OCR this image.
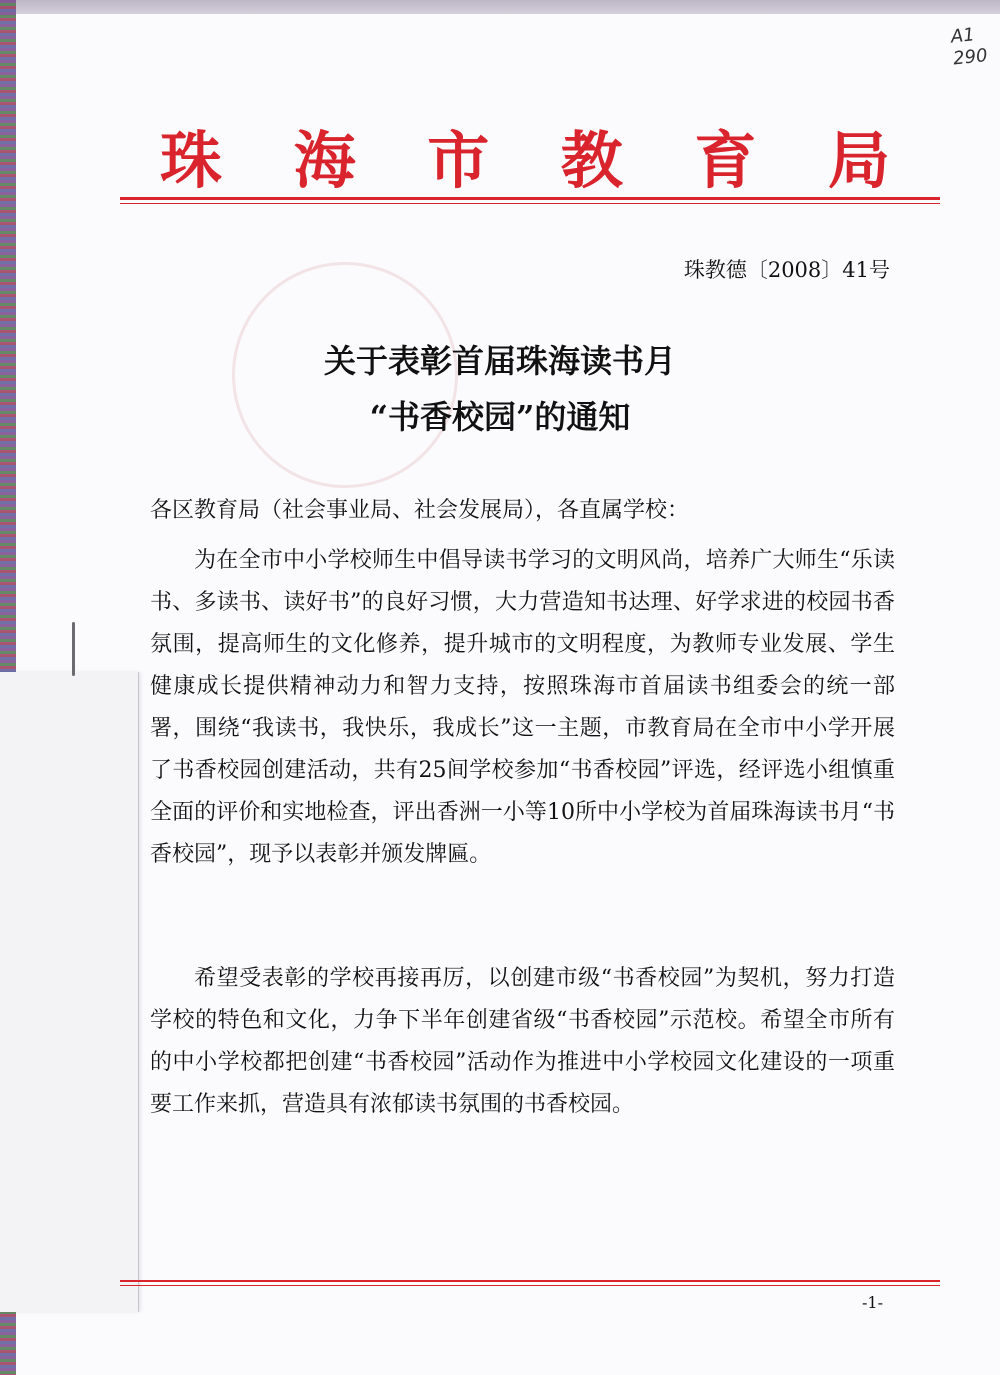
A1
290
珠 海 市 教 育 局
珠教德〔2008〕41号
关于表彰首届珠海读书月
“书香校园”的通知
各区教育局（社会事业局、社会发展局），各直属学校：
为在全市中小学校师生中倡导读书学习的文明风尚，培养广大师生“乐读书、多读书、读好书”的良好习惯，大力营造知书达理、好学求进的校园书香氛围，提高师生的文化修养，提升城市的文明程度，为教师专业发展、学生健康成长提供精神动力和智力支持，按照珠海市首届读书组委会的统一部署，围绕“我读书，我快乐，我成长”这一主题，市教育局在全市中小学开展了书香校园创建活动，共有25间学校参加“书香校园”评选，经评选小组慎重全面的评价和实地检查，评出香洲一小等10所中小学校为首届珠海读书月“书香校园”，现予以表彰并颁发牌匾。
希望受表彰的学校再接再厉，以创建市级“书香校园”为契机，努力打造学校的特色和文化，力争下半年创建省级“书香校园”示范校。希望全市所有的中小学校都把创建“书香校园”活动作为推进中小学校园文化建设的一项重要工作来抓，营造具有浓郁读书氛围的书香校园。
-1-
